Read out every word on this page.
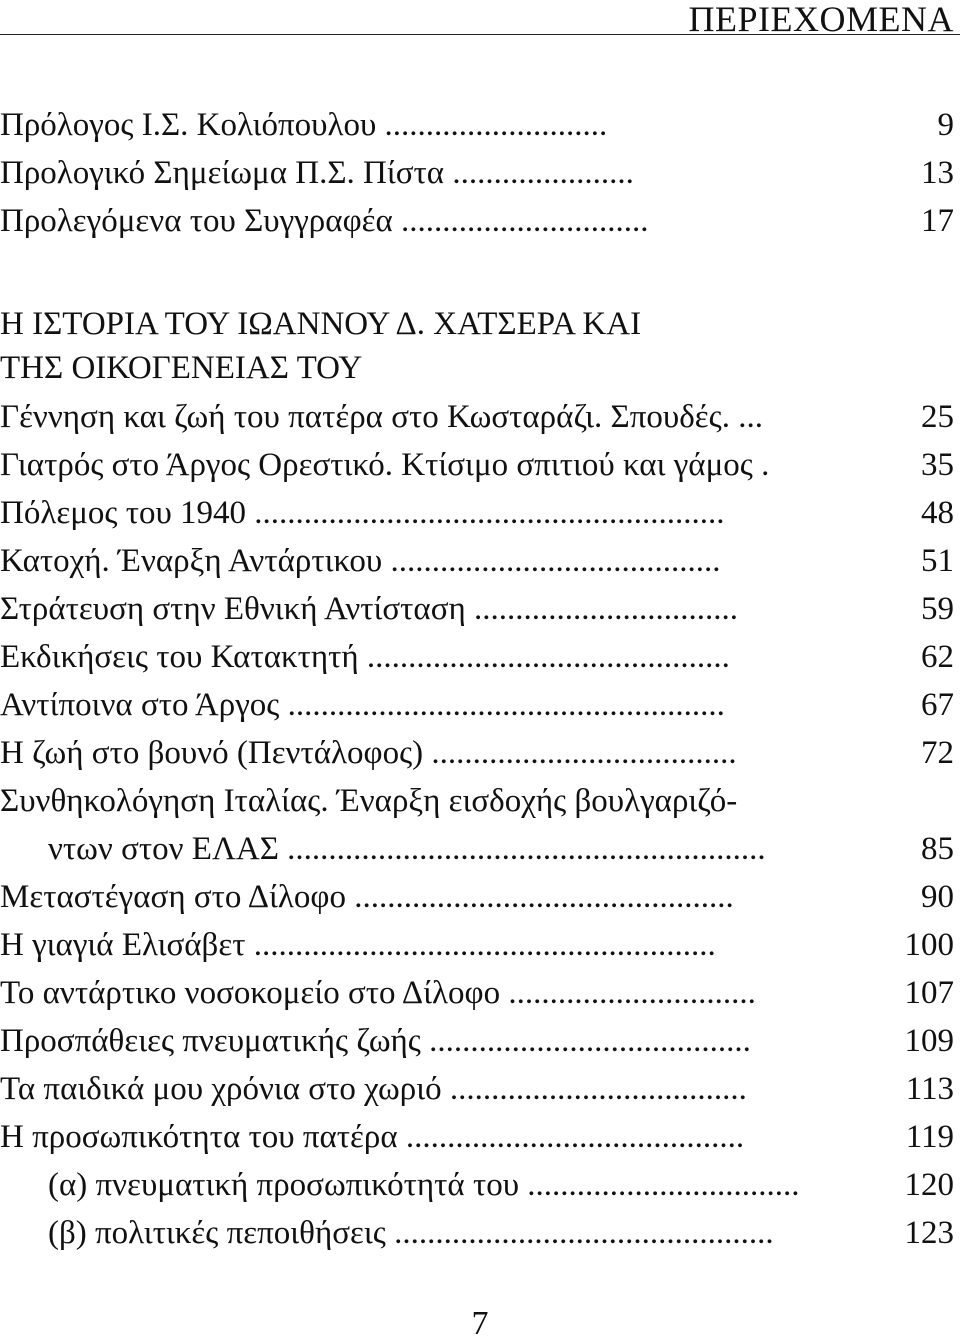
ΠΕΡΙΕΧΟΜΕΝΑ
Πρόλογος Ι.Σ. Κολιόπουλου ...........................	9
Προλογικό Σημείωμα Π.Σ. Πίστα ......................	13
Προλεγόμενα του Συγγραφέα ..............................	17
Η ΙΣΤΟΡΙΑ ΤΟΥ ΙΩΑΝΝΟΥ Δ. ΧΑΤΣΕΡΑ ΚΑΙ
ΤΗΣ ΟΙΚΟΓΕΝΕΙΑΣ ΤΟΥ
Γέννηση και ζωή του πατέρα στο Κωσταράζι. Σπουδές. ...	25
Γιατρός στο Άργος Ορεστικό. Κτίσιμο σπιτιού και γάμος .	35
Πόλεμος του 1940 .........................................................	48
Κατοχή. Έναρξη Αντάρτικου ........................................	51
Στράτευση στην Εθνική Αντίσταση ................................	59
Εκδικήσεις του Κατακτητή ............................................	62
Αντίποινα στο Άργος .....................................................	67
Η ζωή στο βουνό (Πεντάλοφος) .....................................	72
Συνθηκολόγηση Ιταλίας. Έναρξη εισδοχής βουλγαριζό-
ντων στον ΕΛΑΣ ..........................................................	85
Μεταστέγαση στο Δίλοφο ..............................................	90
Η γιαγιά Ελισάβετ ........................................................	100
Το αντάρτικο νοσοκομείο στο Δίλοφο ..............................	107
Προσπάθειες πνευματικής ζωής .......................................	109
Τα παιδικά μου χρόνια στο χωριό ....................................	113
Η προσωπικότητα του πατέρα .........................................	119
(α) πνευματική προσωπικότητά του .................................	120
(β) πολιτικές πεποιθήσεις ..............................................	123
7
